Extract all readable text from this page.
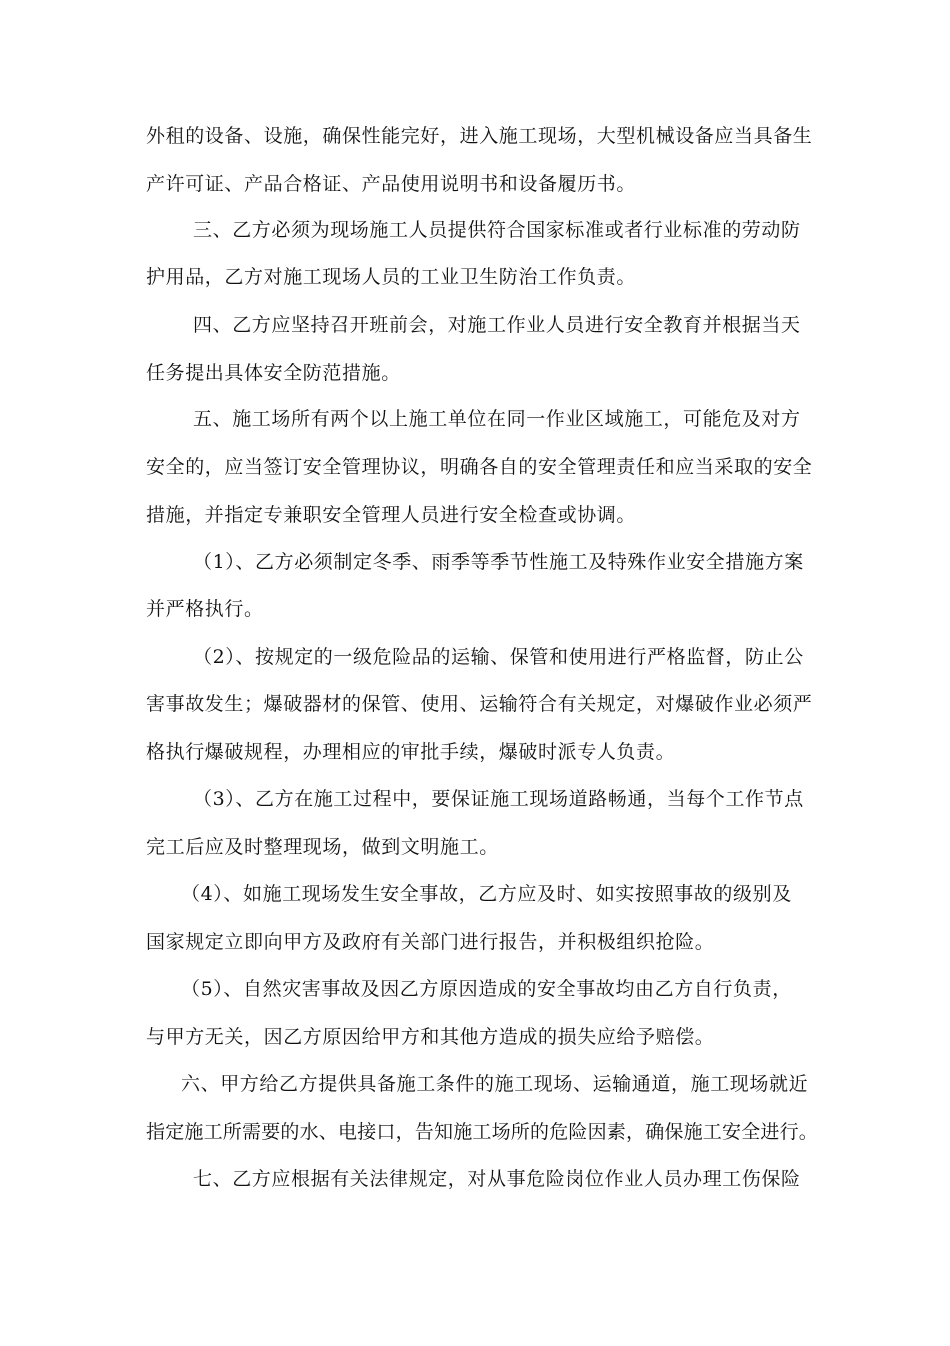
外租的设备、设施，确保性能完好，进入施工现场，大型机械设备应当具备生
产许可证、产品合格证、产品使用说明书和设备履历书。
三、乙方必须为现场施工人员提供符合国家标准或者行业标准的劳动防
护用品，乙方对施工现场人员的工业卫生防治工作负责。
四、乙方应坚持召开班前会，对施工作业人员进行安全教育并根据当天
任务提出具体安全防范措施。
五、施工场所有两个以上施工单位在同一作业区域施工，可能危及对方
安全的，应当签订安全管理协议，明确各自的安全管理责任和应当采取的安全
措施，并指定专兼职安全管理人员进行安全检查或协调。
（1）、乙方必须制定冬季、雨季等季节性施工及特殊作业安全措施方案
并严格执行。
（2）、按规定的一级危险品的运输、保管和使用进行严格监督，防止公
害事故发生；爆破器材的保管、使用、运输符合有关规定，对爆破作业必须严
格执行爆破规程，办理相应的审批手续，爆破时派专人负责。
（3）、乙方在施工过程中，要保证施工现场道路畅通，当每个工作节点
完工后应及时整理现场，做到文明施工。
（4）、如施工现场发生安全事故，乙方应及时、如实按照事故的级别及
国家规定立即向甲方及政府有关部门进行报告，并积极组织抢险。
（5）、自然灾害事故及因乙方原因造成的安全事故均由乙方自行负责，
与甲方无关，因乙方原因给甲方和其他方造成的损失应给予赔偿。
六、甲方给乙方提供具备施工条件的施工现场、运输通道，施工现场就近
指定施工所需要的水、电接口，告知施工场所的危险因素，确保施工安全进行。
七、乙方应根据有关法律规定，对从事危险岗位作业人员办理工伤保险
